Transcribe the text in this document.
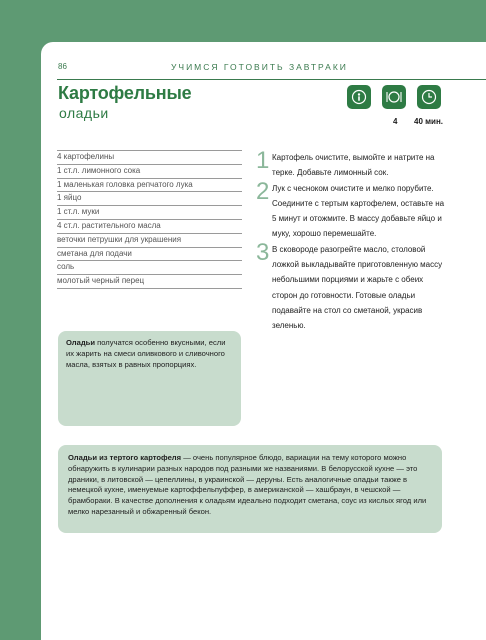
86	УЧИМСЯ ГОТОВИТЬ ЗАВТРАКИ
Картофельные
оладьи
4 40 мин.
4 картофелины
1 ст.л. лимонного сока
1 маленькая головка репчатого лука
1 яйцо
1 ст.л. муки
4 ст.л. растительного масла
веточки петрушки для украшения
сметана для подачи
соль
молотый черный перец
1 Картофель очистите, вымойте и натрите на терке. Добавьте лимонный сок.

2 Лук с чесноком очистите и мелко порубите. Соедините с тертым картофелем, оставьте на 5 минут и отожмите. В массу добавьте яйцо и муку, хорошо перемешайте.

3 В сковороде разогрейте масло, столовой ложкой выкладывайте приготовленную массу небольшими порциями и жарьте с обеих сторон до готовности. Готовые оладьи подавайте на стол со сметаной, украсив зеленью.

Оладьи получатся особенно вкусными, если их жарить на смеси оливкового и сливочного масла, взятых в равных пропорциях.
Оладьи из тертого картофеля — очень популярное блюдо, вариации на тему которого можно обнаружить в кулинарии разных народов под разными же названиями. В белорусской кухне — это драники, в литовской — цепеллины, в украинской — деруны. Есть аналогичные оладьи также в немецкой кухне, именуемые картоффельпуффер, в американской — хашбраун, в чешской — брамбораки. В качестве дополнения к оладьям идеально подходит сметана, соус из кислых ягод или мелко нарезанный и обжаренный бекон.
